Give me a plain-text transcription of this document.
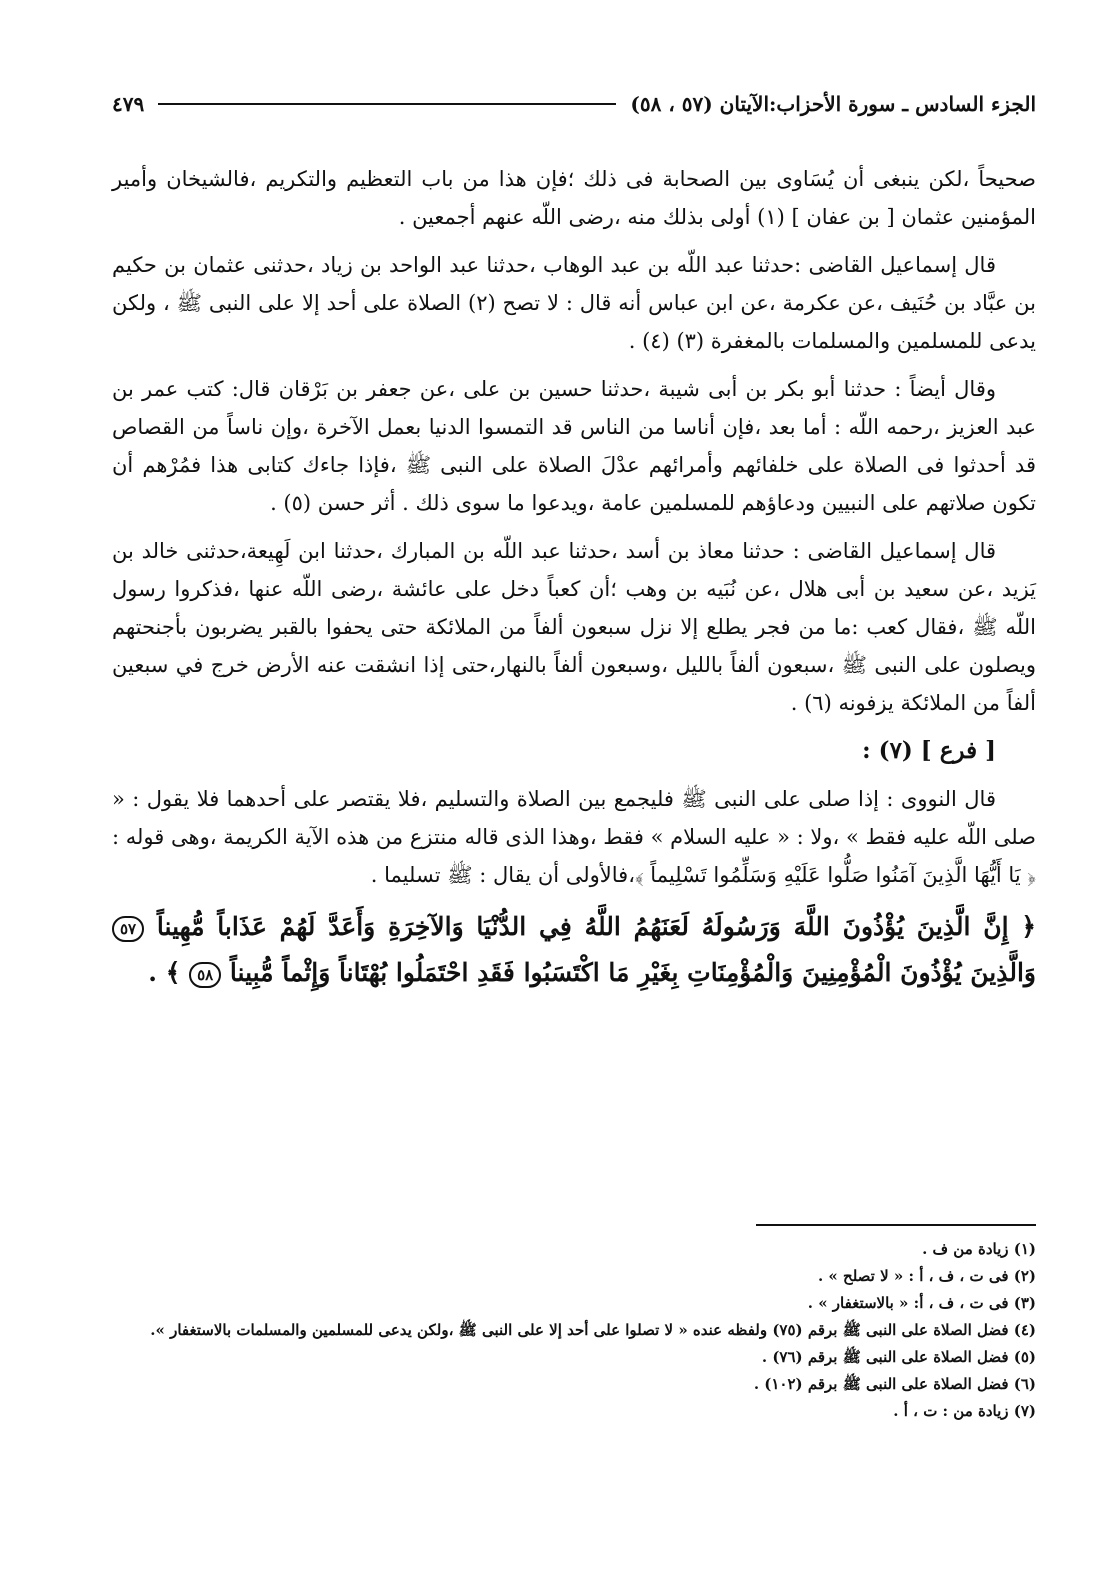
الجزء السادس ـ سورة الأحزاب:الآيتان (٥٧ ، ٥٨)
٤٧٩

صحيحاً ،لكن ينبغى أن يُسَاوى بين الصحابة فى ذلك ؛فإن هذا من باب التعظيم والتكريم ،فالشيخان وأمير المؤمنين عثمان [ بن عفان ] (١) أولى بذلك منه ،رضى اللّه عنهم أجمعين .

قال إسماعيل القاضى :حدثنا عبد اللّه بن عبد الوهاب ،حدثنا عبد الواحد بن زياد ،حدثنى عثمان بن حكيم بن عبَّاد بن حُنَيف ،عن عكرمة ،عن ابن عباس أنه قال : لا تصح (٢) الصلاة على أحد إلا على النبى ﷺ ، ولكن يدعى للمسلمين والمسلمات بالمغفرة (٣) (٤) .

وقال أيضاً : حدثنا أبو بكر بن أبى شيبة ،حدثنا حسين بن على ،عن جعفر بن بَرْقان قال: كتب عمر بن عبد العزيز ،رحمه اللّه : أما بعد ،فإن أناسا من الناس قد التمسوا الدنيا بعمل الآخرة ،وإن ناساً من القصاص قد أحدثوا فى الصلاة على خلفائهم وأمرائهم عدْلَ الصلاة على النبى ﷺ ،فإذا جاءك كتابى هذا فمُرْهم أن تكون صلاتهم على النبيين ودعاؤهم للمسلمين عامة ،ويدعوا ما سوى ذلك . أثر حسن (٥) .

قال إسماعيل القاضى : حدثنا معاذ بن أسد ،حدثنا عبد اللّه بن المبارك ،حدثنا ابن لَهِيعة،حدثنى خالد بن يَزيد ،عن سعيد بن أبى هلال ،عن نُبَيه بن وهب ؛أن كعباً دخل على عائشة ،رضى اللّه عنها ،فذكروا رسول اللّه ﷺ ،فقال كعب :ما من فجر يطلع إلا نزل سبعون ألفاً من الملائكة حتى يحفوا بالقبر يضربون بأجنحتهم ويصلون على النبى ﷺ ،سبعون ألفاً بالليل ،وسبعون ألفاً بالنهار،حتى إذا انشقت عنه الأرض خرج في سبعين ألفاً من الملائكة يزفونه (٦) .

[ فرع ] (٧) :

قال النووى : إذا صلى على النبى ﷺ فليجمع بين الصلاة والتسليم ،فلا يقتصر على أحدهما فلا يقول : « صلى اللّه عليه فقط » ،ولا : « عليه السلام » فقط ،وهذا الذى قاله منتزع من هذه الآية الكريمة ،وهى قوله : ﴿ يَا أَيُّهَا الَّذِينَ آمَنُوا صَلُّوا عَلَيْهِ وَسَلِّمُوا تَسْلِيماً ﴾،فالأولى أن يقال : ﷺ تسليما .

﴿ إِنَّ الَّذِينَ يُؤْذُونَ اللَّهَ وَرَسُولَهُ لَعَنَهُمُ اللَّهُ فِي الدُّنْيَا وَالآخِرَةِ وَأَعَدَّ لَهُمْ عَذَاباً مُّهِيناً ٥٧ وَالَّذِينَ يُؤْذُونَ الْمُؤْمِنِينَ وَالْمُؤْمِنَاتِ بِغَيْرِ مَا اكْتَسَبُوا فَقَدِ احْتَمَلُوا بُهْتَاناً وَإِثْماً مُّبِيناً ٥٨ ﴾ .
(١) زيادة من ف .
(٢) فى ت ، ف ، أ : « لا تصلح » .
(٣) فى ت ، ف ، أ: « بالاستغفار » .
(٤) فضل الصلاة على النبى ﷺ برقم (٧٥) ولفظه عنده « لا تصلوا على أحد إلا على النبى ﷺ ،ولكن يدعى للمسلمين والمسلمات بالاستغفار ».
(٥) فضل الصلاة على النبى ﷺ برقم (٧٦) .
(٦) فضل الصلاة على النبى ﷺ برقم (١٠٢) .
(٧) زيادة من : ت ، أ .
